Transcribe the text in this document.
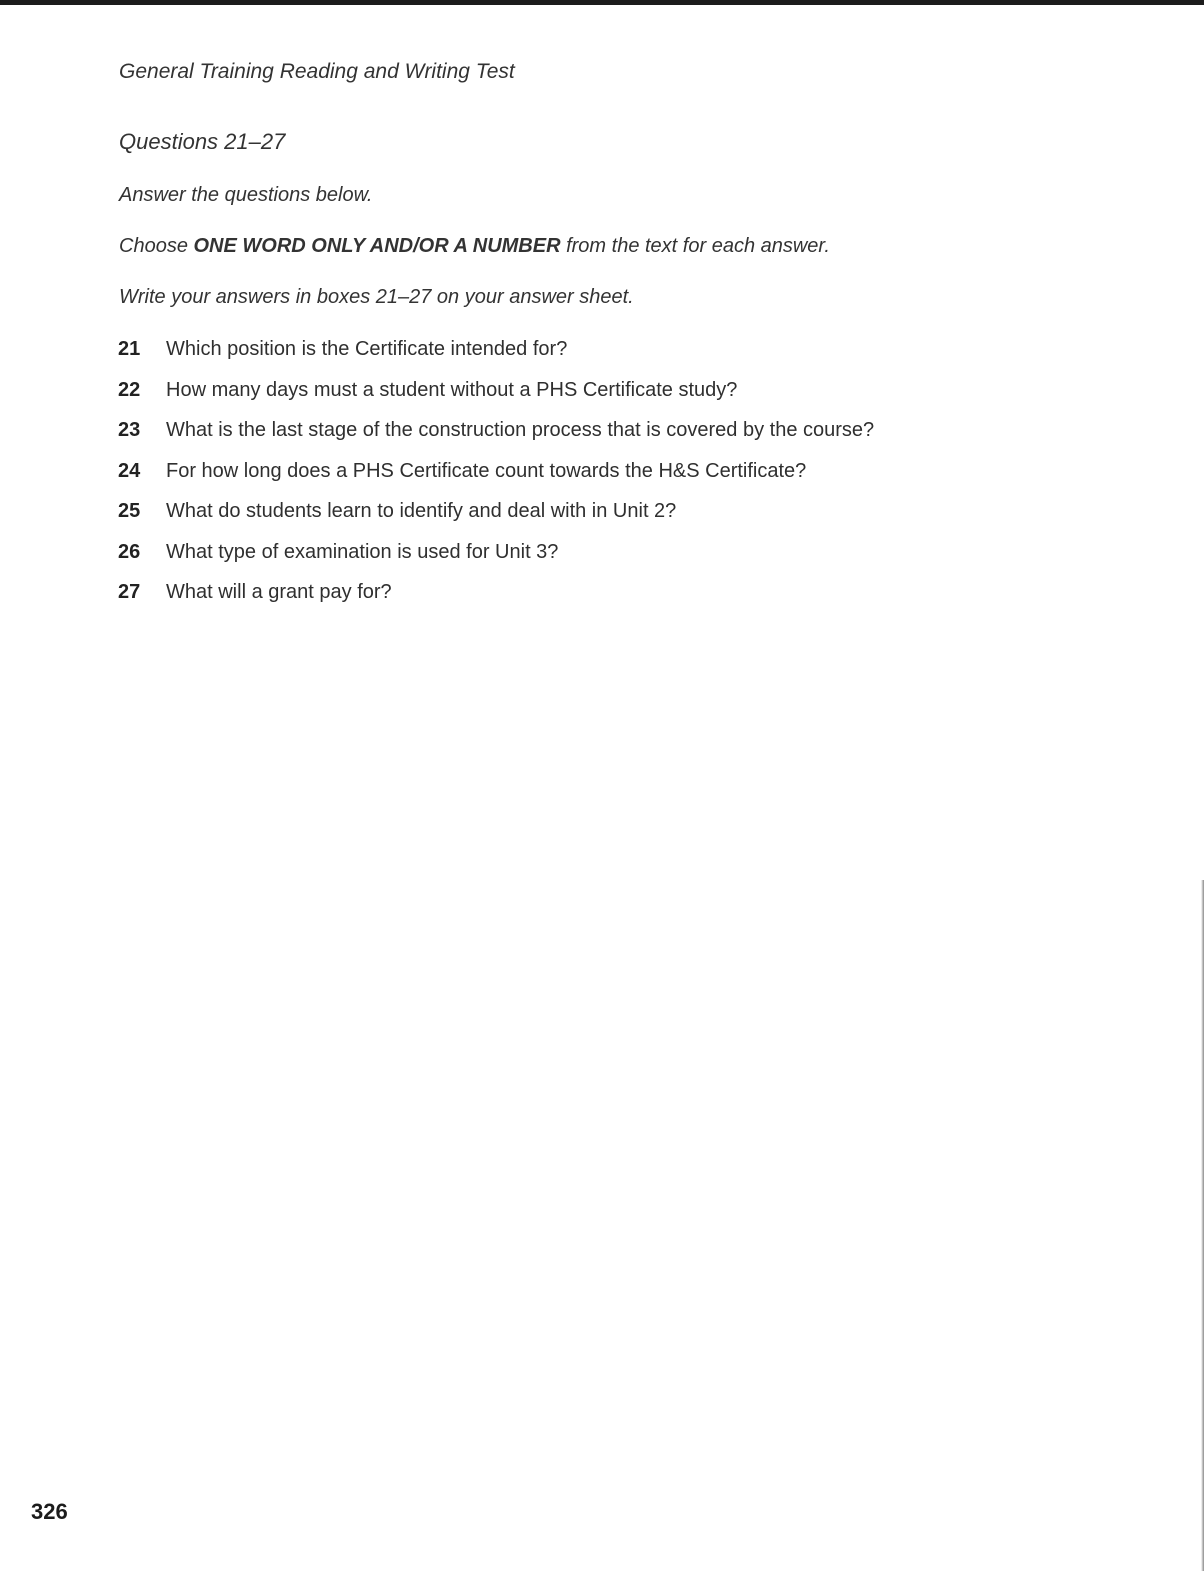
General Training Reading and Writing Test
Questions 21–27
Answer the questions below.
Choose ONE WORD ONLY AND/OR A NUMBER from the text for each answer.
Write your answers in boxes 21–27 on your answer sheet.
21 Which position is the Certificate intended for?
22 How many days must a student without a PHS Certificate study?
23 What is the last stage of the construction process that is covered by the course?
24 For how long does a PHS Certificate count towards the H&S Certificate?
25 What do students learn to identify and deal with in Unit 2?
26 What type of examination is used for Unit 3?
27 What will a grant pay for?
326
